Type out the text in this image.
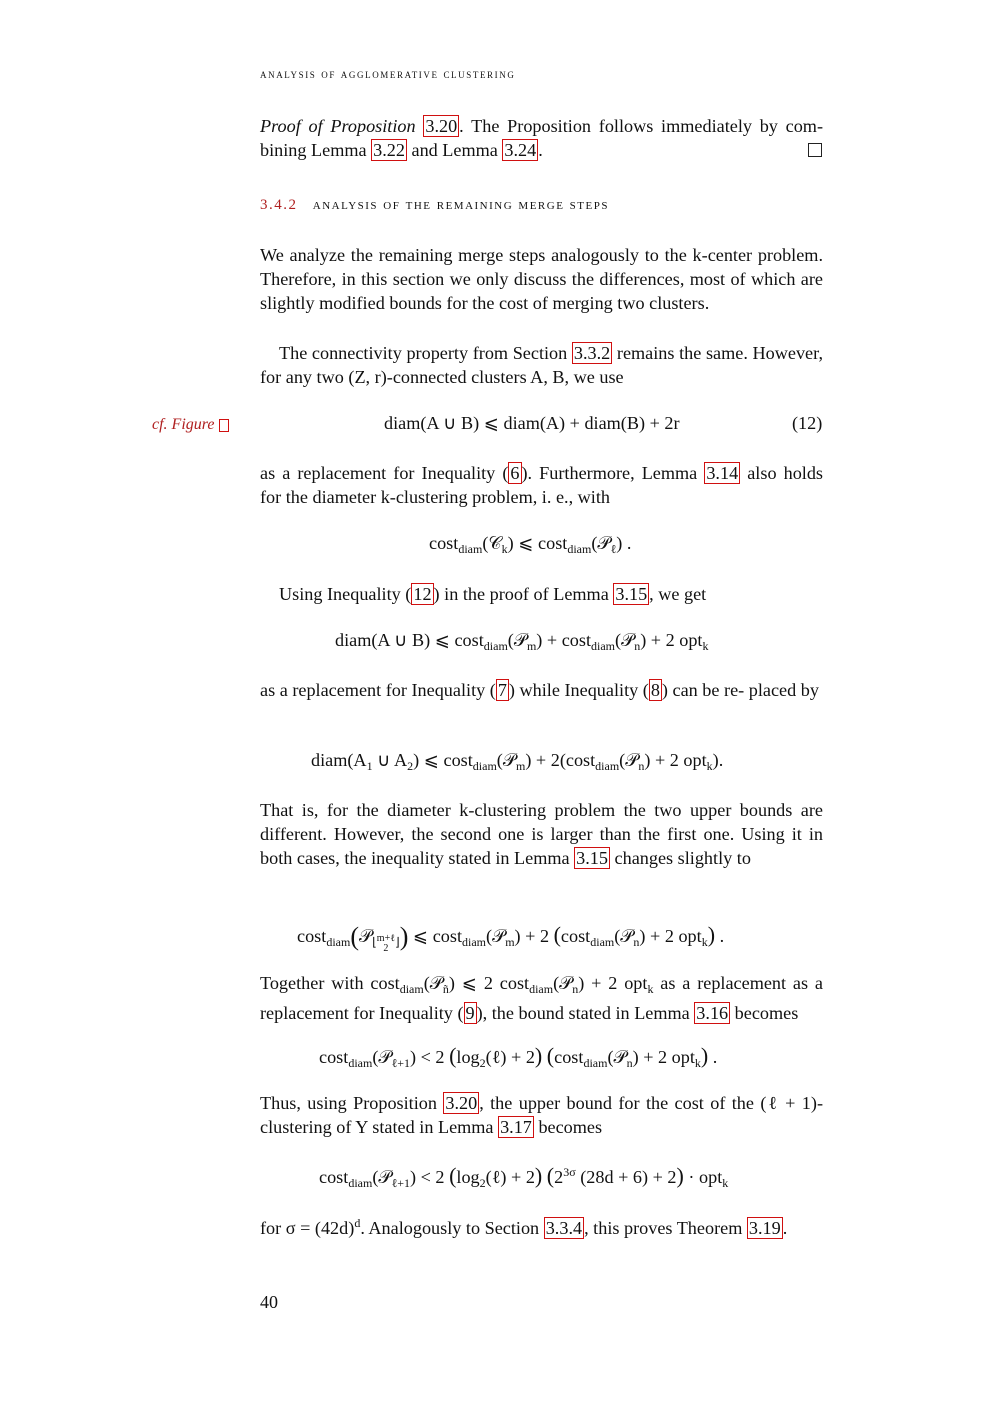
analysis of agglomerative clustering
Proof of Proposition 3.20 . The Proposition follows immediately by com- bining Lemma 3.22 and Lemma 3.24 .
3.4.2 analysis of the remaining merge steps
We analyze the remaining merge steps analogously to the k-center problem. Therefore, in this section we only discuss the differences, most of which are slightly modified bounds for the cost of merging two clusters.
The connectivity property from Section 3.3.2 remains the same. However, for any two (Z, r)-connected clusters A, B, we use
cf. Figure	diam(A ∪ B) ⩽ diam(A) + diam(B) + 2r	(12)
as a replacement for Inequality ( 6 ). Furthermore, Lemma 3.14 also holds for the diameter k-clustering problem, i. e., with
cost$_{diam}$(𝒞$_k$) ⩽ cost$_{diam}$(𝒫$_\ell$) .
Using Inequality ( 12 ) in the proof of Lemma 3.15 , we get
diam(A ∪ B) ⩽ cost$_{diam}$(𝒫$_m$) + cost$_{diam}$(𝒫$_n$) + 2 opt$_k$
as a replacement for Inequality ( 7 ) while Inequality ( 8 ) can be re- placed by
$diam(A_1$ ∪ $A_2$) ⩽ cost$_{diam}$(𝒫$_m$) + 2(cost$_{diam}$(𝒫$_n$) + 2 opt$_k$).
That is, for the diameter k-clustering problem the two upper bounds are different. However, the second one is larger than the first one. Using it in both cases, the inequality stated in Lemma 3.15 changes slightly to
cost$_{diam}$(𝒫$_{⌊m+\ell 2 ⌋}$) ⩽ cost$_{diam}$(𝒫$_m$) + 2 (cost$_{diam}$(𝒫$_n$) + 2 opt$_k$) .
Together with cost$_{diam}$(𝒫$_ñ$) ⩽ 2 cost$_{diam}$(𝒫$_n$) + 2 opt$_k$ as a replacement as a replacement for Inequality ( 9 ), the bound stated in Lemma 3.16 becomes
cost$_{diam}$(𝒫$_{\ell+1}$) < 2 $(\log_2(\ell) + 2)$ (cost$_{diam}$(𝒫$_n$) + 2 opt$_k$) .
Thus, using Proposition 3.20 , the upper bound for the cost of the (ℓ + 1)-clustering of Y stated in Lemma 3.17 becomes
cost$_{diam}$(𝒫$_{\ell+1}$) < 2 $(\log_2(\ell) + 2)$ ($2^{3\sigma}$ (28d + 6) + 2) · opt$_k$
for $\sigma = (42d)^d$. Analogously to Section 3.3.4 , this proves Theorem 3.19 .
40
